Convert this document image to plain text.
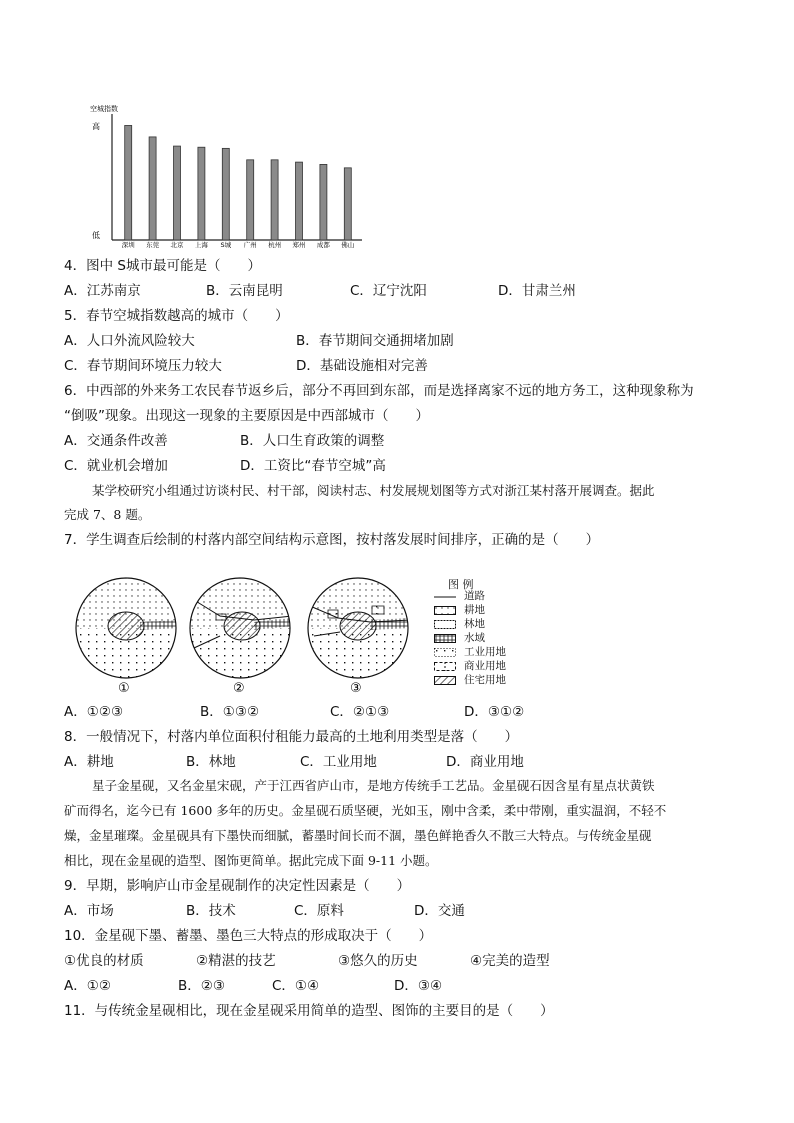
空城指数
高
低
深圳 东莞 北京 上海 S城 广州 杭州 郑州 成都 佛山
4．图中 S城市最可能是（　　）
A．江苏南京	B．云南昆明	C．辽宁沈阳	D．甘肃兰州
5．春节空城指数越高的城市（　　）
A．人口外流风险较大	B．春节期间交通拥堵加剧
C．春节期间环境压力较大	D．基础设施相对完善
6．中西部的外来务工农民春节返乡后，部分不再回到东部，而是选择离家不远的地方务工，这种现象称为
“倒吸”现象。出现这一现象的主要原因是中西部城市（　　）
A．交通条件改善	B．人口生育政策的调整
C．就业机会增加	D．工资比“春节空城”高
某学校研究小组通过访谈村民、村干部，阅读村志、村发展规划图等方式对浙江某村落开展调查。据此
完成 7、8 题。
7．学生调查后绘制的村落内部空间结构示意图，按村落发展时间排序，正确的是（　　）
①	②	③
图 例
道路
耕地
林地
水域
工业用地
商业用地
住宅用地
A．①②③	B．①③②	C．②①③	D．③①②
8．一般情况下，村落内单位面积付租能力最高的土地利用类型是落（　　）
A．耕地	B．林地	C．工业用地	D．商业用地
星子金星砚，又名金星宋砚，产于江西省庐山市，是地方传统手工艺品。金星砚石因含星有星点状黄铁
矿而得名，迄今已有 1600 多年的历史。金星砚石质坚硬，光如玉，刚中含柔，柔中带刚，重实温润，不轻不
燥，金星璀璨。金星砚具有下墨快而细腻，蓄墨时间长而不涸，墨色鲜艳香久不散三大特点。与传统金星砚
相比，现在金星砚的造型、图饰更简单。据此完成下面 9-11 小题。
9．早期，影响庐山市金星砚制作的决定性因素是（　　）
A．市场	B．技术	C．原料	D．交通
10．金星砚下墨、蓄墨、墨色三大特点的形成取决于（　　）
①优良的材质	②精湛的技艺	③悠久的历史	④完美的造型
A．①②	B．②③	C．①④	D．③④
11．与传统金星砚相比，现在金星砚采用简单的造型、图饰的主要目的是（　　）
